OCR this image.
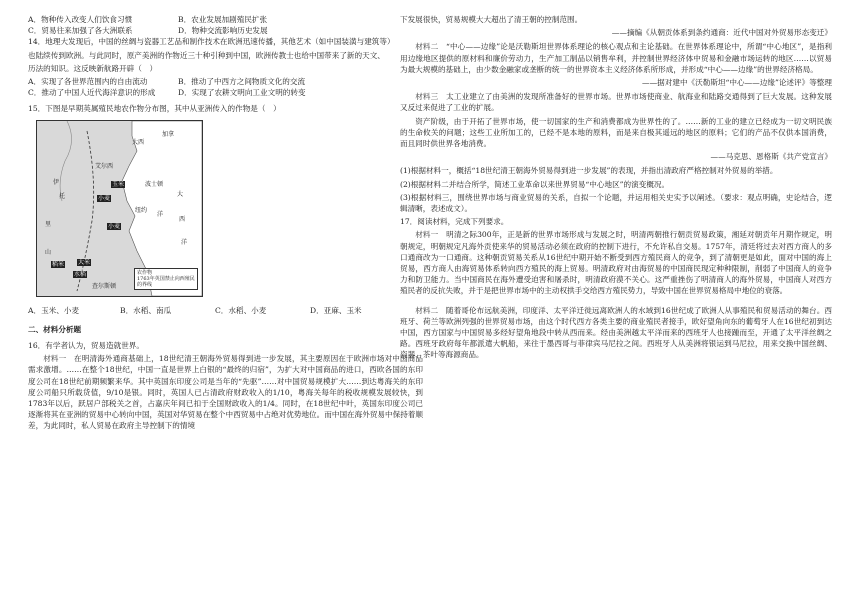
A．物种传入改变人们饮食习惯	B．农业发展加剧殖民扩张
C．贸易往来加强了各大洲联系	D．物种交流影响历史发展
14．地理大发现后，中国的丝绸与瓷器工艺品和制作技术在欧洲迅速传播，其他艺术（如中国装潢与建筑等）
也陆续传到欧洲。与此同时，原产美洲的作物近三十种引种到中国，欧洲传教士也给中国带来了新的天文、
历法的知识。这反映新航路开辟（　）
A．实现了各世界范围内的自由流动	B．推动了中西方之间物质文化的交流
C．推动了中国人近代海洋意识的形成	D．实现了农耕文明向工业文明的转变
15．下图是早期英属殖民地农作物分布图，其中从亚洲传入的作物是（　）
艾尔西
伊
托
大西
加拿
波士顿
纽约
洋
大
西
洋
里
山
小麦
水稻
查尔斯顿
玉米
小麦
稻米 大米
农作物
1763年英国禁止向西殖民的界线
A．玉米、小麦	B．水稻、南瓜	C．水稻、小麦	D．亚麻、玉米
二、材料分析题
16．有学者认为，贸易造就世界。
材料一　在明清海外通商基础上，18世纪清王朝海外贸易得到进一步发展，其主要原因在于欧洲市场对中国商品需求激增。……在整个18世纪，中国一直是世界上白银的“最终的归宿”，为扩大对中国商品的进口，西欧各国的东印度公司在18世纪前期频繁来华。其中英国东印度公司是当年的“先驱”……对中国贸易规模扩大……到达粤海关的东印度公司船只所载货值，9/10是银。同时，英国人已占清政府财政收入的1/10，粤海关每年的税收规模发展较快，到1783年以后，跃居户部税关之首，占嘉庆年间已扣于全国财政收入的1/4。同时，在18世纪中叶，英国东印度公司已逐渐将其在亚洲的贸易中心转向中国，英国对华贸易在整个中西贸易中占绝对优势地位。而中国在海外贸易中保持着顺差，为此同时，私人贸易在政府主导控制下的情境
下发展很快，贸易规模大大超出了清王朝的控制范围。
——摘编《从朝贡体系到条约通商：近代中国对外贸易形态变迁》
材料二　 “中心——边缘”论是沃勒斯坦世界体系理论的核心观点和主论基础。在世界体系理论中，所谓“中心地区”，是指利用边缘地区提供的原材料和廉价劳动力，生产加工制品以销售牟利，并控制世界经济体中贸易和金融市场运转的地区……以贸易为最大规模的基础上，由少数金融家或垄断的统一的世界资本主义经济体系所形成，并形成“中心——边缘”的世界经济格局。
——据对建中《沃勒斯坦“中心——边缘”论述评》等整理
材料三　 太工业建立了由美洲的发现所准备好的世界市场。世界市场使商业、航海业和陆路交通得到了巨大发展。这种发展又反过来促进了工业的扩展。
资产阶级，由于开拓了世界市场，使一切国家的生产和消费都成为世界性的了。……新的工业的建立已经成为一切文明民族的生命攸关的问题；这些工业所加工的，已经不是本地的原料，而是来自极其遥远的地区的原料；它们的产品不仅供本国消费，而且同时供世界各地消费。
——马克思、恩格斯《共产党宣言》
(1)根据材料一，概括“18世纪清王朝海外贸易得到进一步发展”的表现，并指出清政府严格控制对外贸易的举措。
(2)根据材料二并结合所学，简述工业革命以来世界贸易“中心地区”的演变概况。
(3)根据材料三，围绕世界市场与商业贸易的关系，自拟一个论题，并运用相关史实予以阐述。（要求：观点明确，史论结合，逻辑清晰，表述成文）。
17．阅读材料，完成下列要求。
材料一　 明清之际300年，正是新的世界市场形成与发展之时，明清两朝推行朝贡贸易政策，湘延对朝贡年月期作规定，明朝规定，明朝规定凡海外贡使来华的贸易活动必须在政府的控制下进行，不允许私自交易。1757年，清廷将过去对西方商人的多口通商改为一口通商。这种朝贡贸易关系从16世纪中期开始不断受到西方殖民商人的竞争，到了清朝更是如此，面对中国的海上贸易，西方商人由海贸易体系转向西方殖民的海上贸易。明清政府对由海贸易的中国商民现定种种限制，削弱了中国商人的竞争力和防卫能力。当中国商民在海外遭受迫害和屠杀时，明清政府漠不关心。这严重挫伤了明清商人的海外贸易，中国商人对西方殖民者的反抗失败，并于是把世界市场中的主动权拱手交给西方殖民势力，导致中国在世界贸易格局中地位的衰落。
材料二　 随着哥伦布远航美洲，印度洋、太平洋迁徙远离欧洲人的水域到16世纪成了欧洲人从事殖民和贸易活动的舞台。西班牙、荷兰等欧洲列强的世界贸易市场，由这个时代西方各类主要的商业殖民者接手，欧好望角向东的葡萄牙人在16世纪初到达中国，西方国家与中国贸易多经好望角地段中转从西而来。经由美洲越太平洋而来的西班牙人也接踵而至，开通了太平洋丝绸之路。西班牙政府每年都派遣大帆船，来往于墨西哥与菲律宾马尼拉之间。西班牙人从美洲将银运到马尼拉，用来交换中国丝绸、瓷器、茶叶等海源商品。
